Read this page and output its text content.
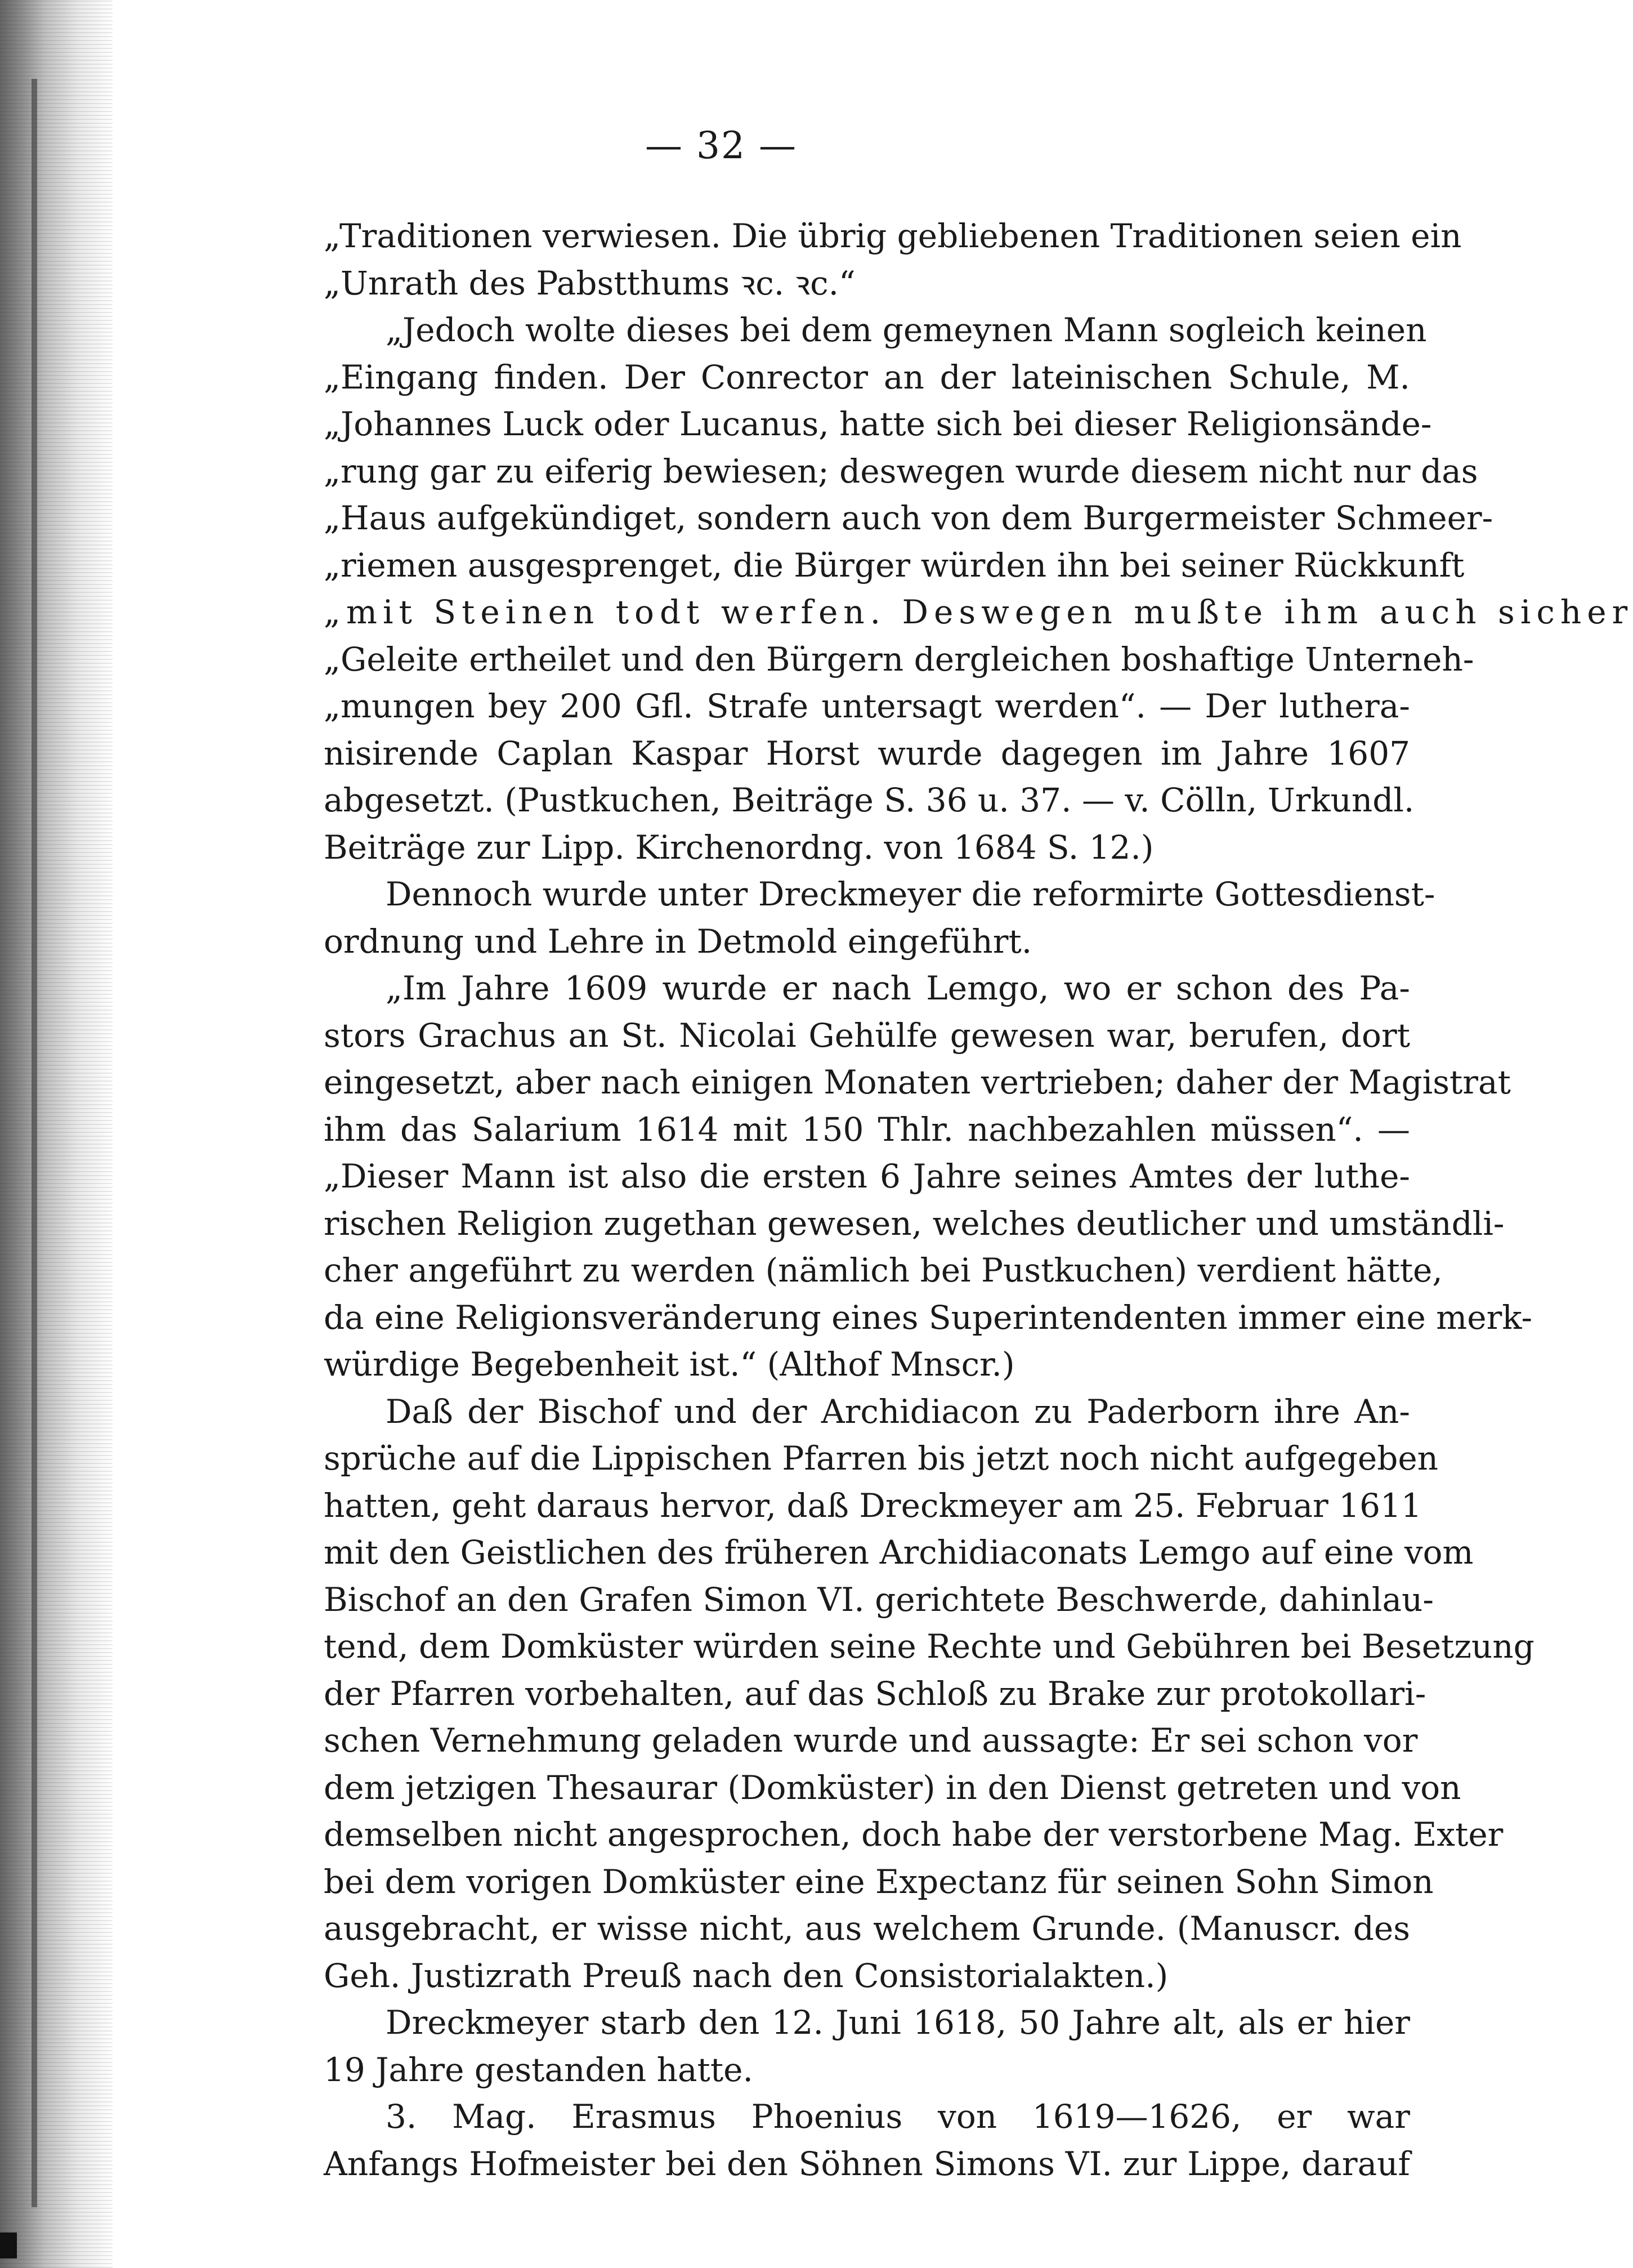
— 32 —
„Traditionen verwiesen. Die übrig gebliebenen Traditionen seien ein
„Unrath des Pabstthums ꝛc. ꝛc.“
„Jedoch wolte dieses bei dem gemeynen Mann sogleich keinen
„Eingang finden. Der Conrector an der lateinischen Schule, M.
„Johannes Luck oder Lucanus, hatte sich bei dieser Religionsände-
„rung gar zu eiferig bewiesen; deswegen wurde diesem nicht nur das
„Haus aufgekündiget, sondern auch von dem Burgermeister Schmeer-
„riemen ausgesprenget, die Bürger würden ihn bei seiner Rückkunft
„mit Steinen todt werfen. Deswegen mußte ihm auch sicher
„Geleite ertheilet und den Bürgern dergleichen boshaftige Unterneh-
„mungen bey 200 Gfl. Strafe untersagt werden“. — Der luthera-
nisirende Caplan Kaspar Horst wurde dagegen im Jahre 1607
abgesetzt. (Pustkuchen, Beiträge S. 36 u. 37. — v. Cölln, Urkundl.
Beiträge zur Lipp. Kirchenordng. von 1684 S. 12.)
Dennoch wurde unter Dreckmeyer die reformirte Gottesdienst-
ordnung und Lehre in Detmold eingeführt.
„Im Jahre 1609 wurde er nach Lemgo, wo er schon des Pa-
stors Grachus an St. Nicolai Gehülfe gewesen war, berufen, dort
eingesetzt, aber nach einigen Monaten vertrieben; daher der Magistrat
ihm das Salarium 1614 mit 150 Thlr. nachbezahlen müssen“. —
„Dieser Mann ist also die ersten 6 Jahre seines Amtes der luthe-
rischen Religion zugethan gewesen, welches deutlicher und umständli-
cher angeführt zu werden (nämlich bei Pustkuchen) verdient hätte,
da eine Religionsveränderung eines Superintendenten immer eine merk-
würdige Begebenheit ist.“ (Althof Mnscr.)
Daß der Bischof und der Archidiacon zu Paderborn ihre An-
sprüche auf die Lippischen Pfarren bis jetzt noch nicht aufgegeben
hatten, geht daraus hervor, daß Dreckmeyer am 25. Februar 1611
mit den Geistlichen des früheren Archidiaconats Lemgo auf eine vom
Bischof an den Grafen Simon VI. gerichtete Beschwerde, dahinlau-
tend, dem Domküster würden seine Rechte und Gebühren bei Besetzung
der Pfarren vorbehalten, auf das Schloß zu Brake zur protokollari-
schen Vernehmung geladen wurde und aussagte: Er sei schon vor
dem jetzigen Thesaurar (Domküster) in den Dienst getreten und von
demselben nicht angesprochen, doch habe der verstorbene Mag. Exter
bei dem vorigen Domküster eine Expectanz für seinen Sohn Simon
ausgebracht, er wisse nicht, aus welchem Grunde. (Manuscr. des
Geh. Justizrath Preuß nach den Consistorialakten.)
Dreckmeyer starb den 12. Juni 1618, 50 Jahre alt, als er hier
19 Jahre gestanden hatte.
3. Mag. Erasmus Phoenius von 1619—1626, er war
Anfangs Hofmeister bei den Söhnen Simons VI. zur Lippe, darauf
